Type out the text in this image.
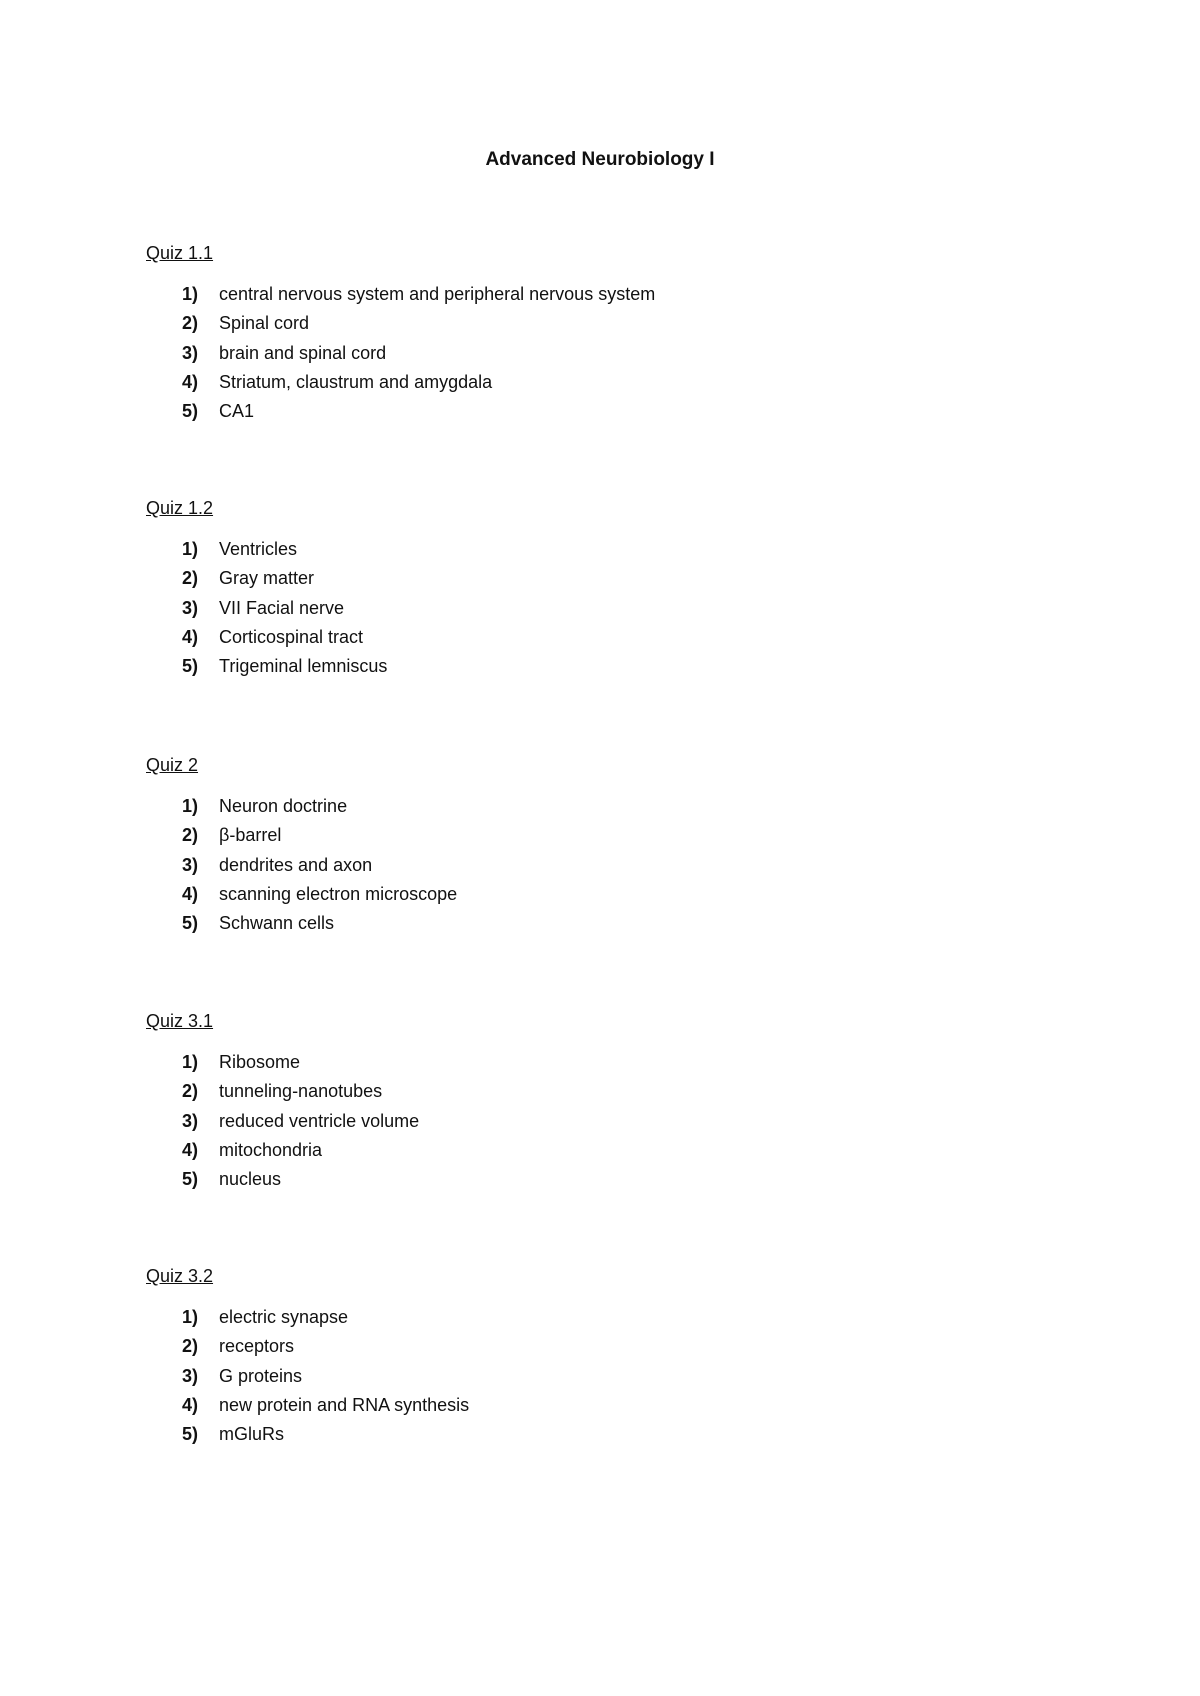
Advanced Neurobiology I
Quiz 1.1
1)	central nervous system and peripheral nervous system
2)	Spinal cord
3)	brain and spinal cord
4)	Striatum, claustrum and amygdala
5)	CA1
Quiz 1.2
1)	Ventricles
2)	Gray matter
3)	VII Facial nerve
4)	Corticospinal tract
5)	Trigeminal lemniscus
Quiz 2
1)	Neuron doctrine
2)	β-barrel
3)	dendrites and axon
4)	scanning electron microscope
5)	Schwann cells
Quiz 3.1
1)	Ribosome
2)	tunneling-nanotubes
3)	reduced ventricle volume
4)	mitochondria
5)	nucleus
Quiz 3.2
1)	electric synapse
2)	receptors
3)	G proteins
4)	new protein and RNA synthesis
5)	mGluRs
